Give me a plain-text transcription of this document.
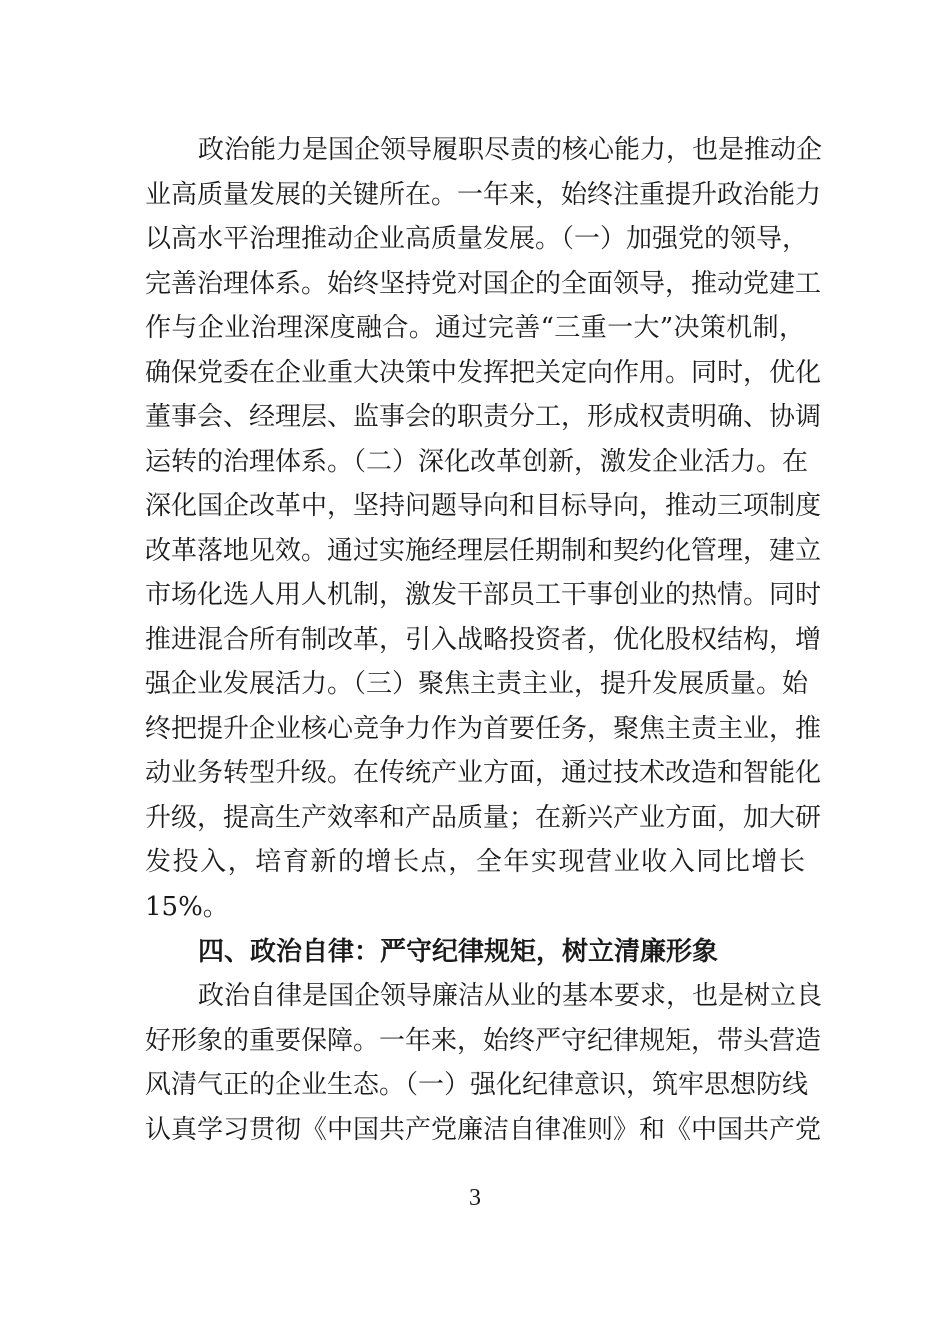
政治能力是国企领导履职尽责的核心能力，也是推动企
业高质量发展的关键所在。一年来，始终注重提升政治能力
以高水平治理推动企业高质量发展。（一）加强党的领导，
完善治理体系。始终坚持党对国企的全面领导，推动党建工
作与企业治理深度融合。通过完善“三重一大”决策机制，
确保党委在企业重大决策中发挥把关定向作用。同时，优化
董事会、经理层、监事会的职责分工，形成权责明确、协调
运转的治理体系。（二）深化改革创新，激发企业活力。在
深化国企改革中，坚持问题导向和目标导向，推动三项制度
改革落地见效。通过实施经理层任期制和契约化管理，建立
市场化选人用人机制，激发干部员工干事创业的热情。同时
推进混合所有制改革，引入战略投资者，优化股权结构，增
强企业发展活力。（三）聚焦主责主业，提升发展质量。始
终把提升企业核心竞争力作为首要任务，聚焦主责主业，推
动业务转型升级。在传统产业方面，通过技术改造和智能化
升级，提高生产效率和产品质量；在新兴产业方面，加大研
发投入，培育新的增长点，全年实现营业收入同比增长
15%。
四、政治自律：严守纪律规矩，树立清廉形象
政治自律是国企领导廉洁从业的基本要求，也是树立良
好形象的重要保障。一年来，始终严守纪律规矩，带头营造
风清气正的企业生态。（一）强化纪律意识，筑牢思想防线
认真学习贯彻《中国共产党廉洁自律准则》和《中国共产党
3
